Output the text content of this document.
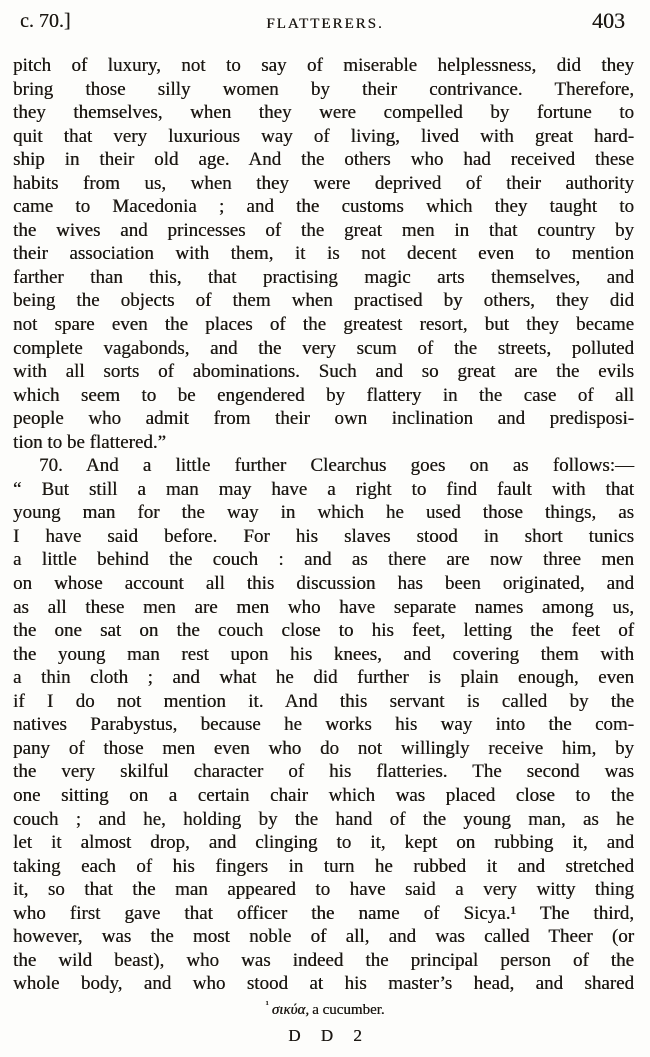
c. 70.]	FLATTERERS.	403
pitch of luxury, not to say of miserable helplessness, did they
bring those silly women by their contrivance. Therefore,
they themselves, when they were compelled by fortune to
quit that very luxurious way of living, lived with great hard-
ship in their old age. And the others who had received these
habits from us, when they were deprived of their authority
came to Macedonia ; and the customs which they taught to
the wives and princesses of the great men in that country by
their association with them, it is not decent even to mention
farther than this, that practising magic arts themselves, and
being the objects of them when practised by others, they did
not spare even the places of the greatest resort, but they became
complete vagabonds, and the very scum of the streets, polluted
with all sorts of abominations. Such and so great are the evils
which seem to be engendered by flattery in the case of all
people who admit from their own inclination and predisposi-
tion to be flattered.”
70. And a little further Clearchus goes on as follows:—
“ But still a man may have a right to find fault with that
young man for the way in which he used those things, as
I have said before. For his slaves stood in short tunics
a little behind the couch : and as there are now three men
on whose account all this discussion has been originated, and
as all these men are men who have separate names among us,
the one sat on the couch close to his feet, letting the feet of
the young man rest upon his knees, and covering them with
a thin cloth ; and what he did further is plain enough, even
if I do not mention it. And this servant is called by the
natives Parabystus, because he works his way into the com-
pany of those men even who do not willingly receive him, by
the very skilful character of his flatteries. The second was
one sitting on a certain chair which was placed close to the
couch ; and he, holding by the hand of the young man, as he
let it almost drop, and clinging to it, kept on rubbing it, and
taking each of his fingers in turn he rubbed it and stretched
it, so that the man appeared to have said a very witty thing
who first gave that officer the name of Sicya.¹ The third,
however, was the most noble of all, and was called Theer (or
the wild beast), who was indeed the principal person of the
whole body, and who stood at his master’s head, and shared
$^{^1}$ σικύα, a cucumber.
D D 2
